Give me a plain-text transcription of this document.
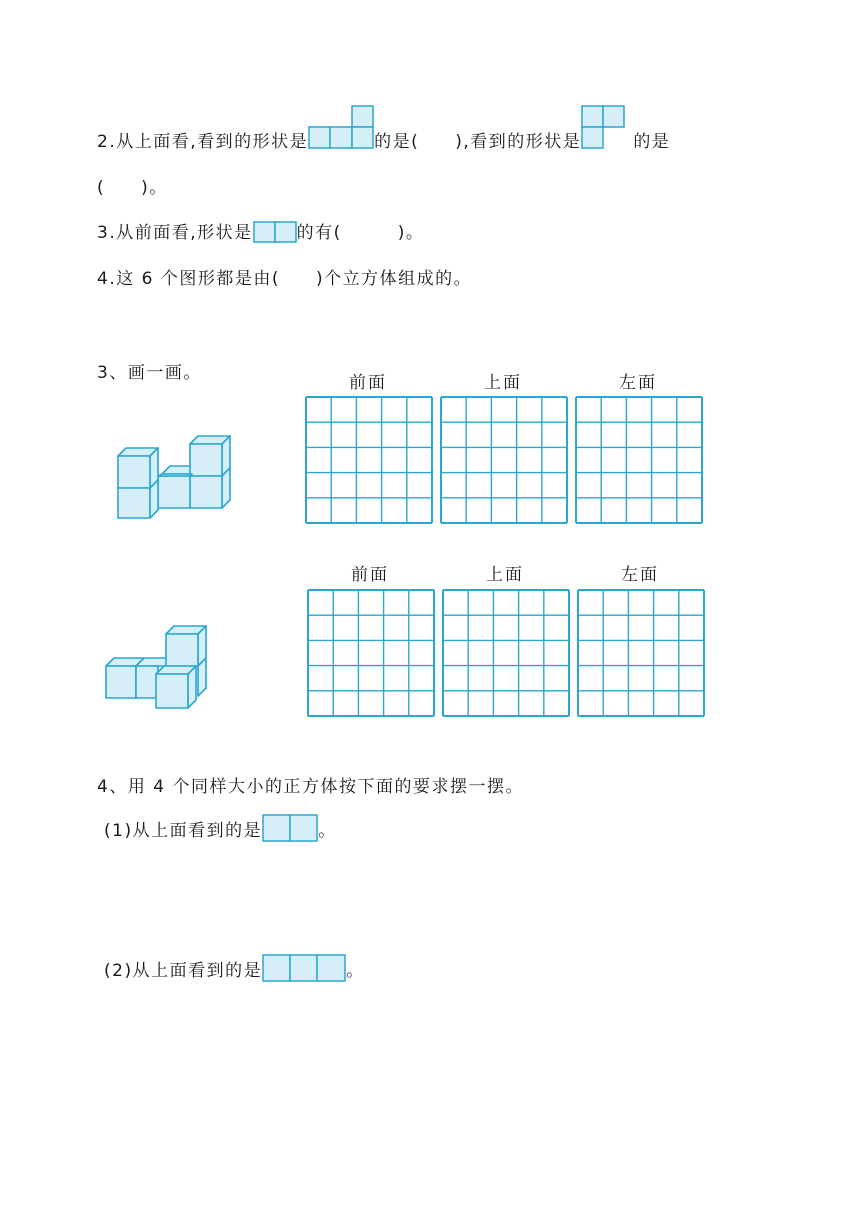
2.从上面看,看到的形状是	的是( ),看到的形状是	的是
( )。
3.从前面看,形状是	的有(	)。
4.这 6 个图形都是由( )个立方体组成的。
3、画一画。	前面	上面	左面
前面	上面	左面
4、用 4 个同样大小的正方体按下面的要求摆一摆。
(1)从上面看到的是	。
(2)从上面看到的是	。
